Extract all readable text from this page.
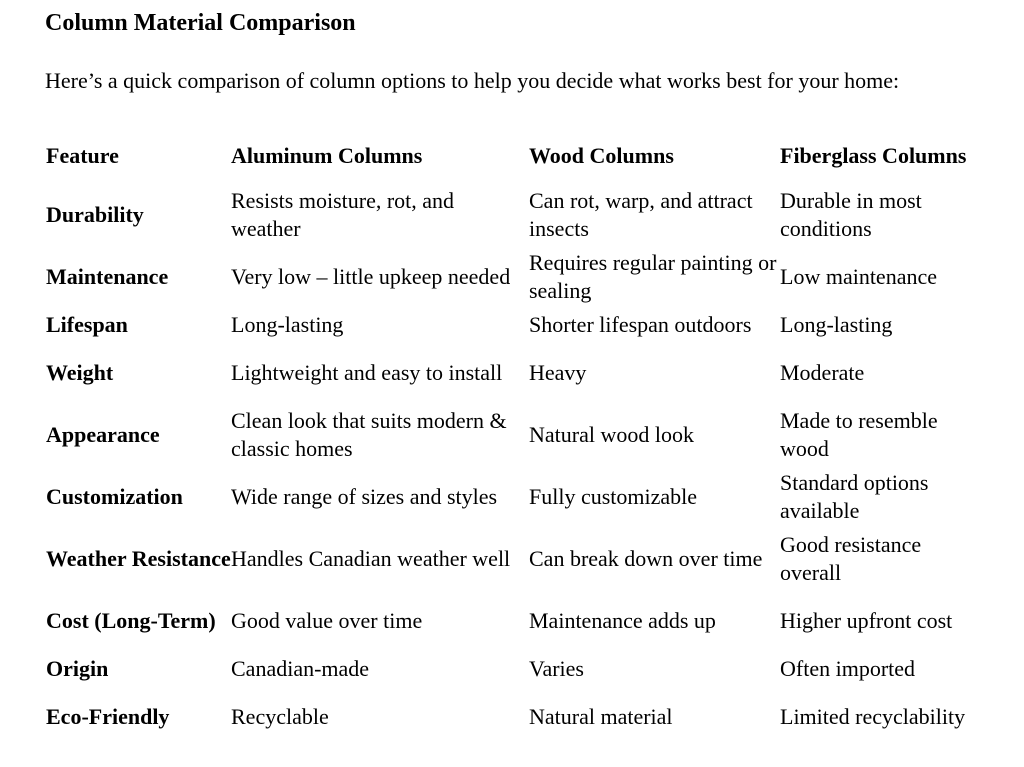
Column Material Comparison

Here’s a quick comparison of column options to help you decide what works best for your home:

Feature	Aluminum Columns	Wood Columns	Fiberglass Columns
Durability	Resists moisture, rot, and weather	Can rot, warp, and attract insects	Durable in most conditions
Maintenance	Very low – little upkeep needed	Requires regular painting or sealing	Low maintenance
Lifespan	Long-lasting	Shorter lifespan outdoors	Long-lasting
Weight	Lightweight and easy to install	Heavy	Moderate
Appearance	Clean look that suits modern & classic homes	Natural wood look	Made to resemble wood
Customization	Wide range of sizes and styles	Fully customizable	Standard options available
Weather Resistance	Handles Canadian weather well	Can break down over time	Good resistance overall
Cost (Long-Term)	Good value over time	Maintenance adds up	Higher upfront cost
Origin	Canadian-made	Varies	Often imported
Eco-Friendly	Recyclable	Natural material	Limited recyclability
